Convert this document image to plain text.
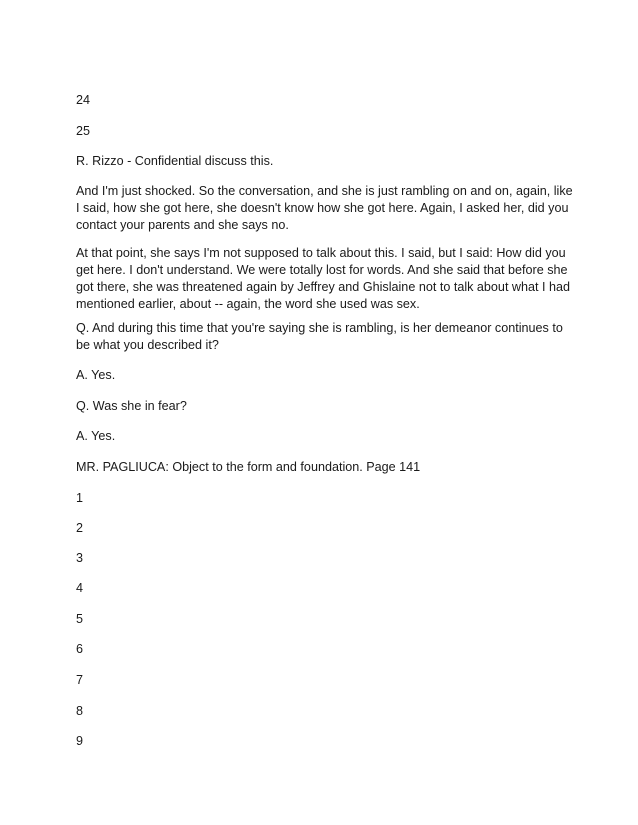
24

25

R. Rizzo - Confidential discuss this.

And I'm just shocked. So the conversation, and she is just rambling on and on, again, like I said, how she got here, she doesn't know how she got here. Again, I asked her, did you contact your parents and she says no.

At that point, she says I'm not supposed to talk about this. I said, but I said: How did you get here. I don't understand. We were totally lost for words. And she said that before she got there, she was threatened again by Jeffrey and Ghislaine not to talk about what I had mentioned earlier, about -- again, the word she used was sex.

Q. And during this time that you're saying she is rambling, is her demeanor continues to be what you described it?

A. Yes.

Q. Was she in fear?

A. Yes.

MR. PAGLIUCA: Object to the form and foundation. Page 141

1

2

3

4

5

6

7

8

9
